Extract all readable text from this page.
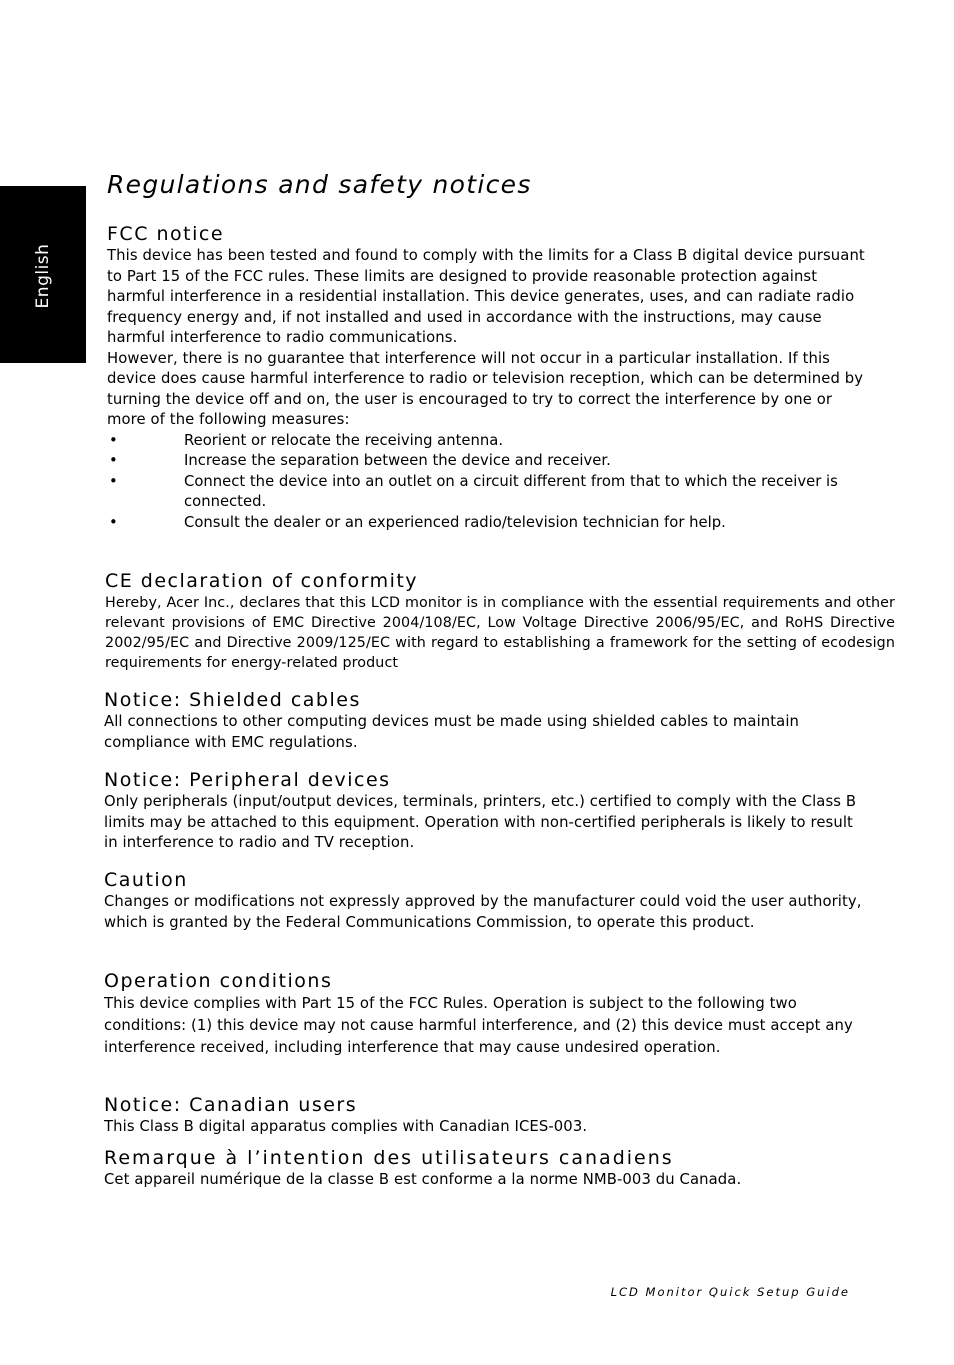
English
Regulations and safety notices
FCC notice

This device has been tested and found to comply with the limits for a Class B digital device pursuant to Part 15 of the FCC rules. These limits are designed to provide reasonable protection against harmful interference in a residential installation. This device generates, uses, and can radiate radio frequency energy and, if not installed and used in accordance with the instructions, may cause harmful interference to radio communications.

However, there is no guarantee that interference will not occur in a particular installation. If this device does cause harmful interference to radio or television reception, which can be determined by turning the device off and on, the user is encouraged to try to correct the interference by one or more of the following measures:

•	Reorient or relocate the receiving antenna.
•	Increase the separation between the device and receiver.
•	Connect the device into an outlet on a circuit different from that to which the receiver is connected.
•	Consult the dealer or an experienced radio/television technician for help.
CE declaration of conformity

Hereby, Acer Inc., declares that this LCD monitor is in compliance with the essential requirements and other relevant provisions of EMC Directive 2004/108/EC, Low Voltage Directive 2006/95/EC, and RoHS Directive 2002/95/EC and Directive 2009/125/EC with regard to establishing a framework for the setting of ecodesign requirements for energy-related product

Notice: Shielded cables

All connections to other computing devices must be made using shielded cables to maintain compliance with EMC regulations.

Notice: Peripheral devices

Only peripherals (input/output devices, terminals, printers, etc.) certified to comply with the Class B limits may be attached to this equipment. Operation with non-certified peripherals is likely to result in interference to radio and TV reception.

Caution

Changes or modifications not expressly approved by the manufacturer could void the user authority, which is granted by the Federal Communications Commission, to operate this product.

Operation conditions

This device complies with Part 15 of the FCC Rules. Operation is subject to the following two conditions: (1) this device may not cause harmful interference, and (2) this device must accept any interference received, including interference that may cause undesired operation.

Notice: Canadian users

This Class B digital apparatus complies with Canadian ICES-003.

Remarque à l’intention des utilisateurs canadiens

Cet appareil numérique de la classe B est conforme a la norme NMB-003 du Canada.

LCD Monitor Quick Setup Guide
